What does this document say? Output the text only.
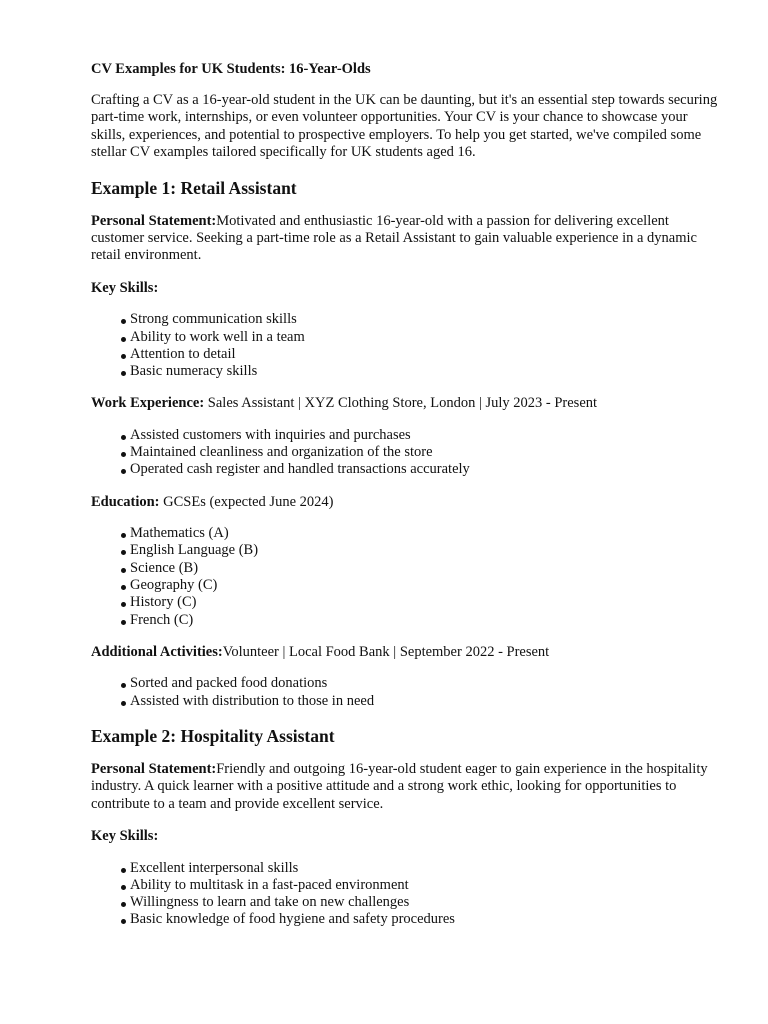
CV Examples for UK Students: 16-Year-Olds

Crafting a CV as a 16-year-old student in the UK can be daunting, but it's an essential step towards securing part-time work, internships, or even volunteer opportunities. Your CV is your chance to showcase your skills, experiences, and potential to prospective employers. To help you get started, we've compiled some stellar CV examples tailored specifically for UK students aged 16.

Example 1: Retail Assistant

Personal Statement:Motivated and enthusiastic 16-year-old with a passion for delivering excellent customer service. Seeking a part-time role as a Retail Assistant to gain valuable experience in a dynamic retail environment.

Key Skills:

Strong communication skills
Ability to work well in a team
Attention to detail
Basic numeracy skills

Work Experience: Sales Assistant | XYZ Clothing Store, London | July 2023 - Present

Assisted customers with inquiries and purchases
Maintained cleanliness and organization of the store
Operated cash register and handled transactions accurately

Education: GCSEs (expected June 2024)

Mathematics (A)
English Language (B)
Science (B)
Geography (C)
History (C)
French (C)

Additional Activities:Volunteer | Local Food Bank | September 2022 - Present

Sorted and packed food donations
Assisted with distribution to those in need
Example 2: Hospitality Assistant

Personal Statement:Friendly and outgoing 16-year-old student eager to gain experience in the hospitality industry. A quick learner with a positive attitude and a strong work ethic, looking for opportunities to contribute to a team and provide excellent service.

Key Skills:

Excellent interpersonal skills
Ability to multitask in a fast-paced environment
Willingness to learn and take on new challenges
Basic knowledge of food hygiene and safety procedures
